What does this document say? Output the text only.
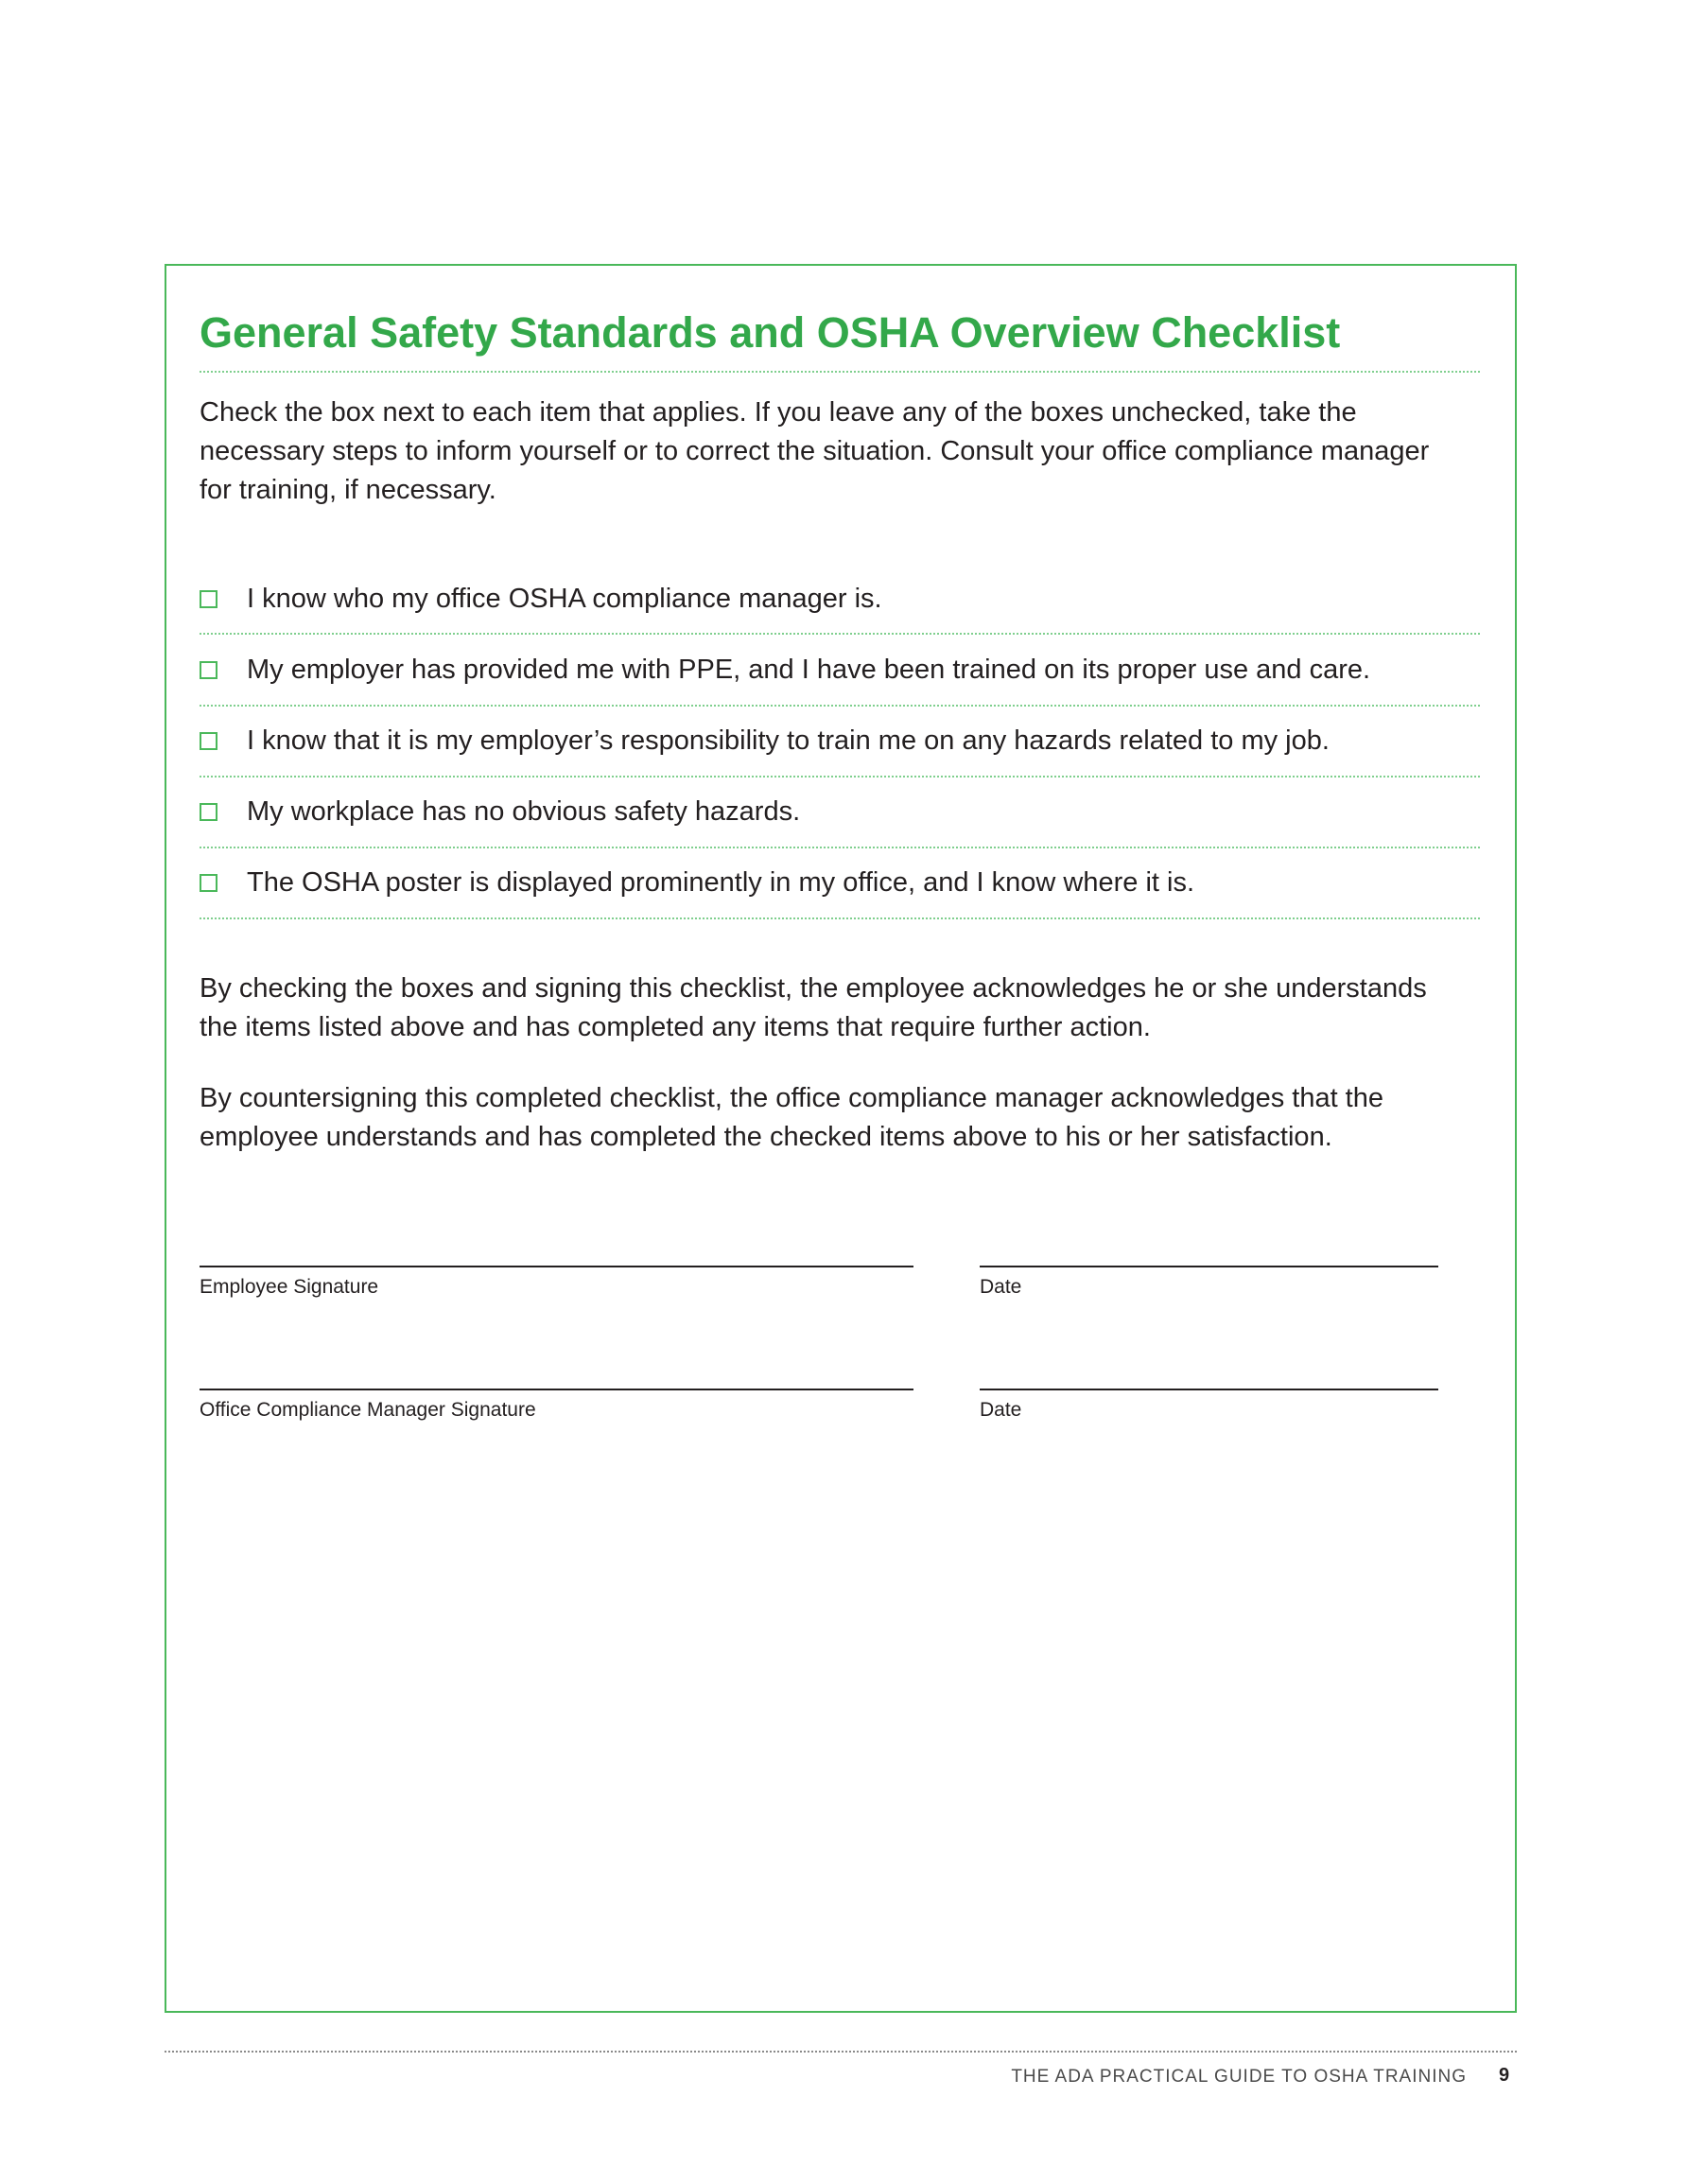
General Safety Standards and OSHA Overview Checklist

Check the box next to each item that applies. If you leave any of the boxes unchecked, take the necessary steps to inform yourself or to correct the situation. Consult your office compliance manager for training, if necessary.

I know who my office OSHA compliance manager is.
My employer has provided me with PPE, and I have been trained on its proper use and care.
I know that it is my employer’s responsibility to train me on any hazards related to my job.
My workplace has no obvious safety hazards.
The OSHA poster is displayed prominently in my office, and I know where it is.

By checking the boxes and signing this checklist, the employee acknowledges he or she understands the items listed above and has completed any items that require further action.

By countersigning this completed checklist, the office compliance manager acknowledges that the employee understands and has completed the checked items above to his or her satisfaction.

Employee Signature	Date
Office Compliance Manager Signature	Date
THE ADA PRACTICAL GUIDE TO OSHA TRAINING 9
